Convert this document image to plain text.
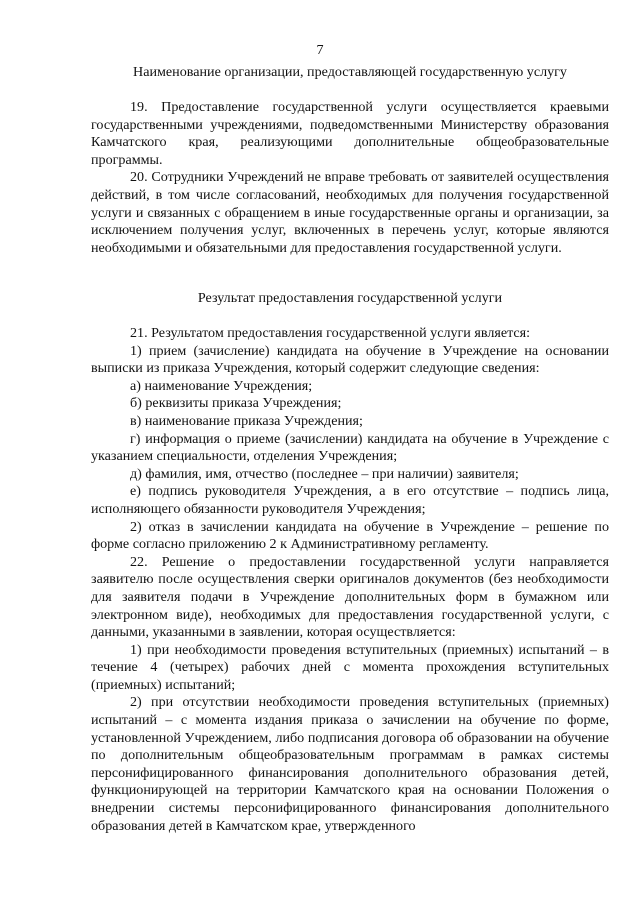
7
Наименование организации, предоставляющей государственную услугу

19. Предоставление государственной услуги осуществляется краевыми государственными учреждениями, подведомственными Министерству образования Камчатского края, реализующими дополнительные общеобразовательные программы.

20. Сотрудники Учреждений не вправе требовать от заявителей осуществления действий, в том числе согласований, необходимых для получения государственной услуги и связанных с обращением в иные государственные органы и организации, за исключением получения услуг, включенных в перечень услуг, которые являются необходимыми и обязательными для предоставления государственной услуги.

Результат предоставления государственной услуги

21. Результатом предоставления государственной услуги является:

1) прием (зачисление) кандидата на обучение в Учреждение на основании выписки из приказа Учреждения, который содержит следующие сведения:

а) наименование Учреждения;

б) реквизиты приказа Учреждения;

в) наименование приказа Учреждения;

г) информация о приеме (зачислении) кандидата на обучение в Учреждение с указанием специальности, отделения Учреждения;

д) фамилия, имя, отчество (последнее – при наличии) заявителя;

е) подпись руководителя Учреждения, а в его отсутствие – подпись лица, исполняющего обязанности руководителя Учреждения;

2) отказ в зачислении кандидата на обучение в Учреждение – решение по форме согласно приложению 2 к Административному регламенту.

22. Решение о предоставлении государственной услуги направляется заявителю после осуществления сверки оригиналов документов (без необходимости для заявителя подачи в Учреждение дополнительных форм в бумажном или электронном виде), необходимых для предоставления государственной услуги, с данными, указанными в заявлении, которая осуществляется:

1) при необходимости проведения вступительных (приемных) испытаний – в течение 4 (четырех) рабочих дней с момента прохождения вступительных (приемных) испытаний;

2) при отсутствии необходимости проведения вступительных (приемных) испытаний – с момента издания приказа о зачислении на обучение по форме, установленной Учреждением, либо подписания договора об образовании на обучение по дополнительным общеобразовательным программам в рамках системы персонифицированного финансирования дополнительного образования детей, функционирующей на территории Камчатского края на основании Положения о внедрении системы персонифицированного финансирования дополнительного образования детей в Камчатском крае, утвержденного
